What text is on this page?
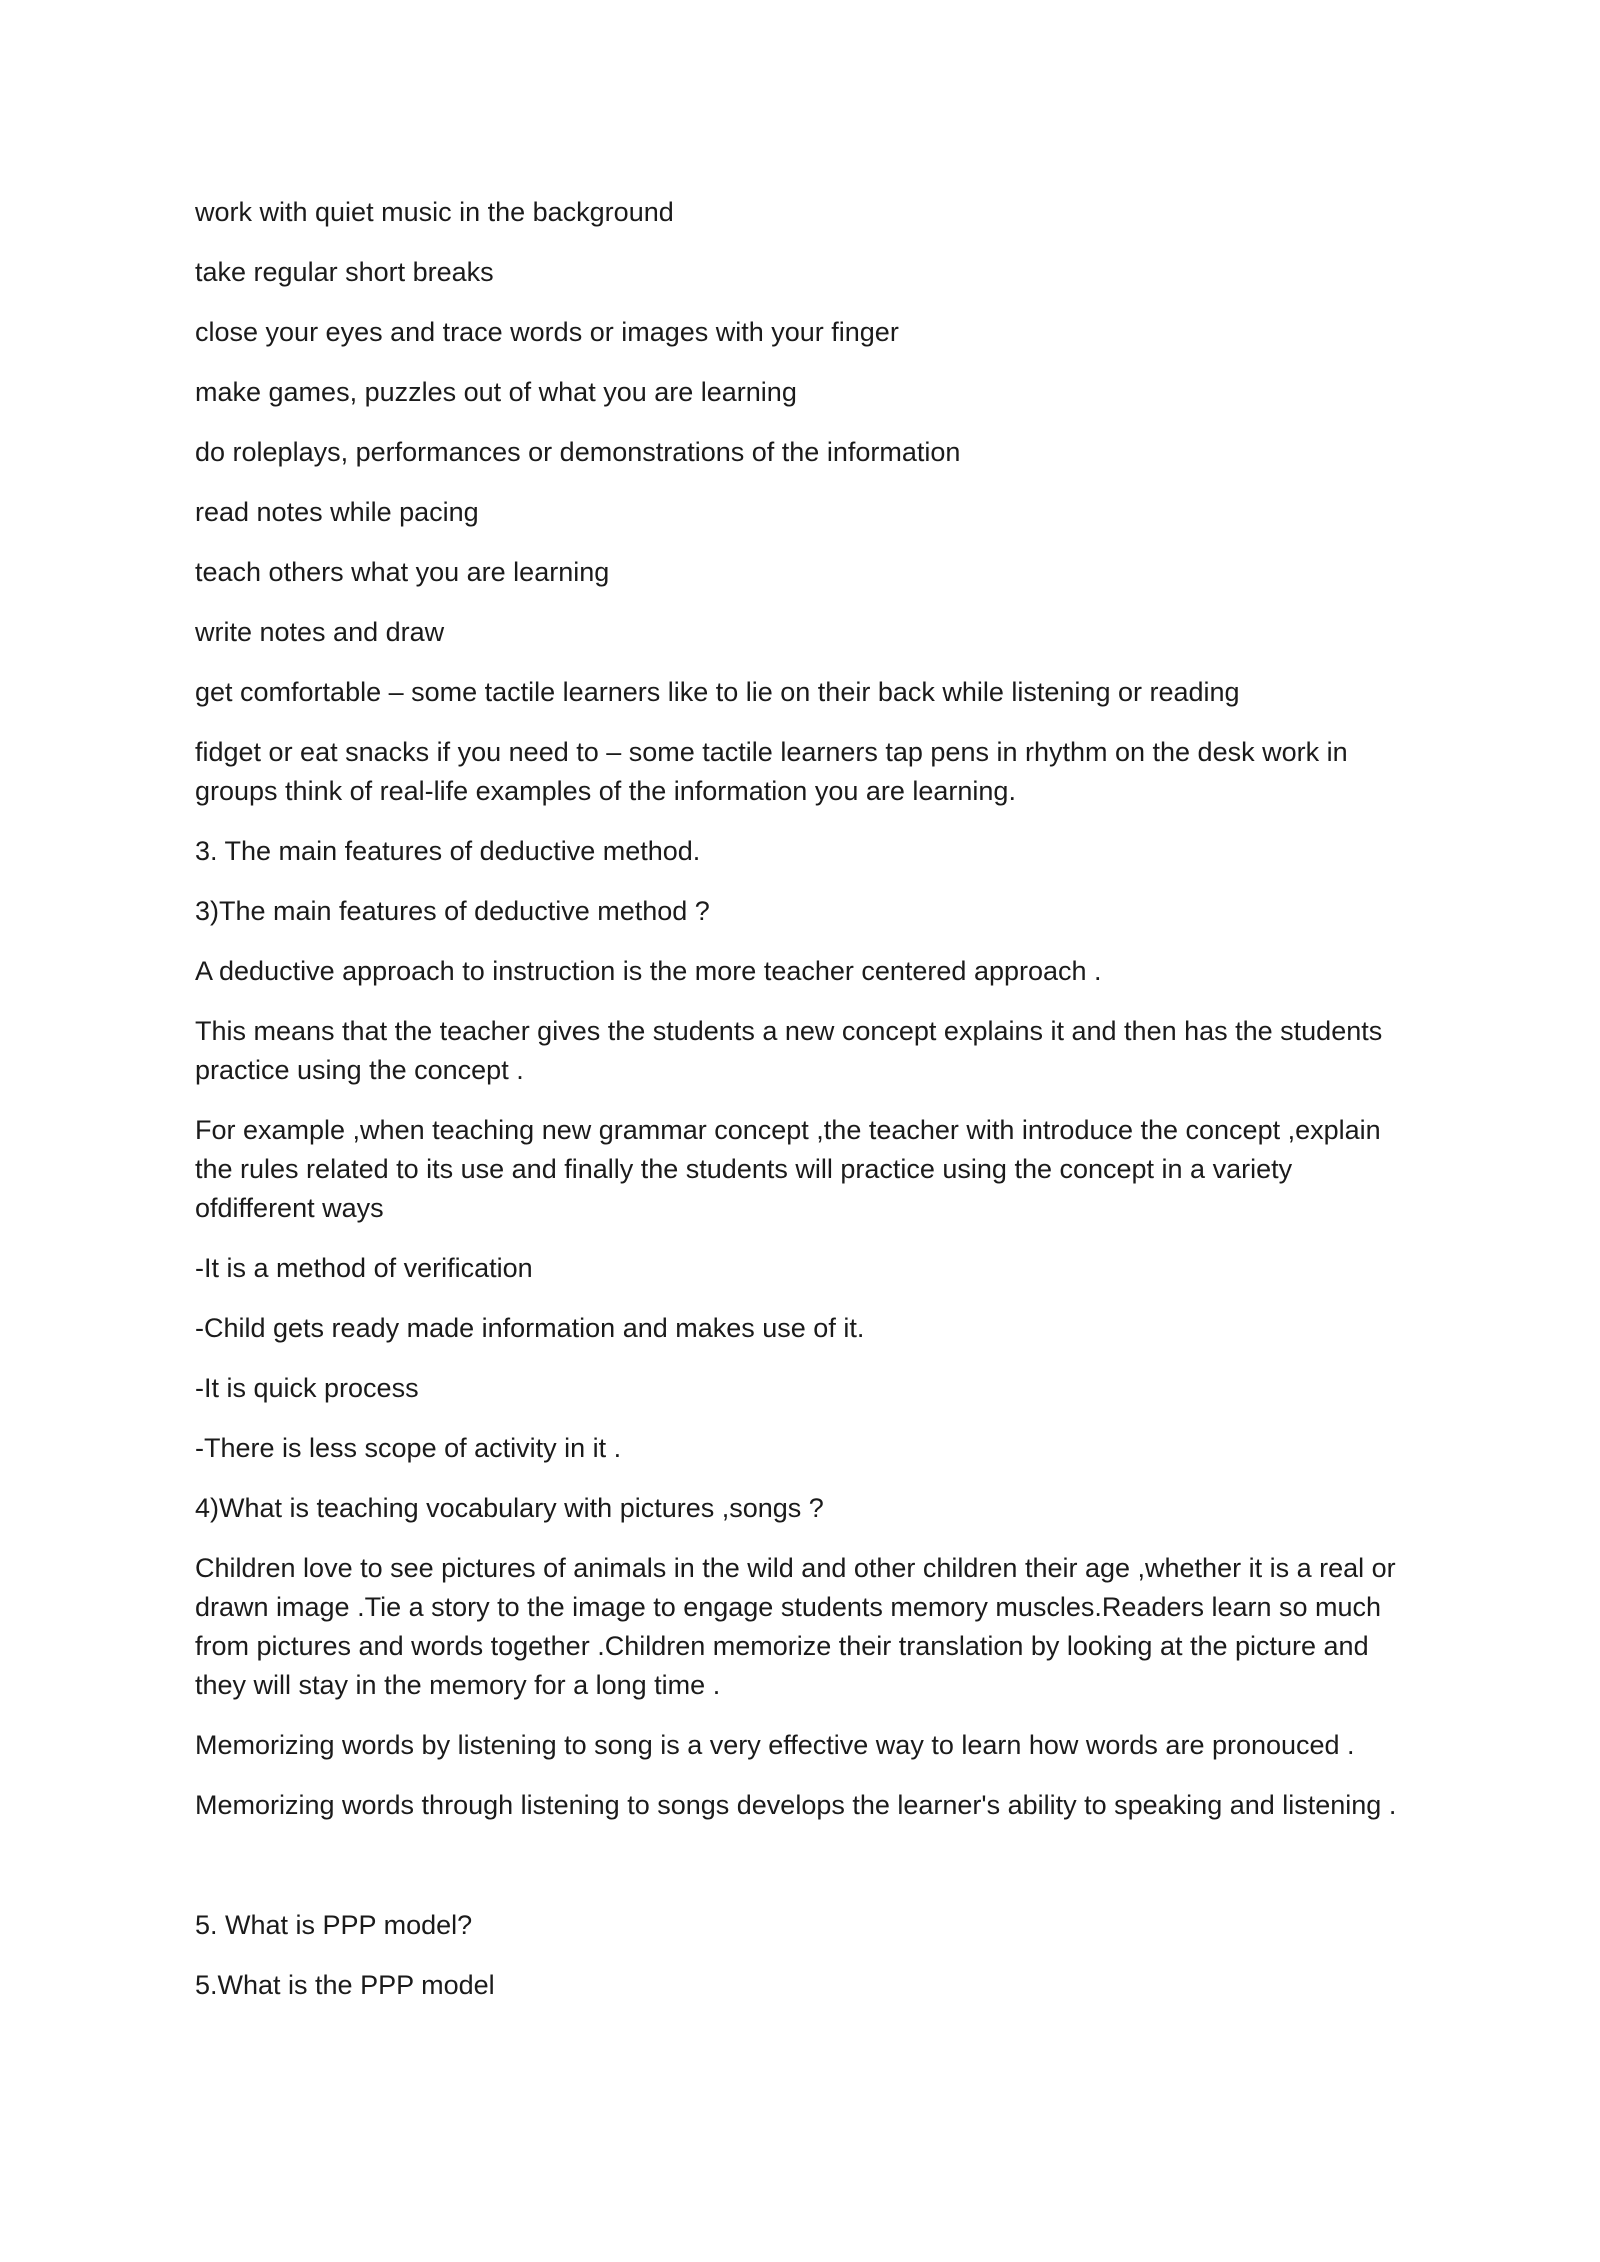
work with quiet music in the background

take regular short breaks

close your eyes and trace words or images with your finger

make games, puzzles out of what you are learning

do roleplays, performances or demonstrations of the information

read notes while pacing

teach others what you are learning

write notes and draw

get comfortable – some tactile learners like to lie on their back while listening or reading

fidget or eat snacks if you need to – some tactile learners tap pens in rhythm on the desk work in groups think of real-life examples of the information you are learning.

3. The main features of deductive method.

3)The main features of deductive method ?

A deductive approach to instruction is the more teacher centered approach .

This means that the teacher gives the students a new concept explains it and then has the students practice using the concept .

For example ,when teaching new grammar concept ,the teacher with introduce the concept ,explain the rules related to its use and finally the students will practice using the concept in a variety ofdifferent ways

-It is a method of verification

-Child gets ready made information and makes use of it.

-It is quick process

-There is less scope of activity in it .

4)What is teaching vocabulary with pictures ,songs ?

Children love to see pictures of animals in the wild and other children their age ,whether it is a real or drawn image .Tie a story to the image to engage students memory muscles.Readers learn so much from pictures and words together .Children memorize their translation by looking at the picture and they will stay in the memory for a long time .

Memorizing words by listening to song is a very effective way to learn how words are pronouced .

Memorizing words through listening to songs develops the learner's ability to speaking and listening .

5. What is PPP model?

5.What is the PPP model
